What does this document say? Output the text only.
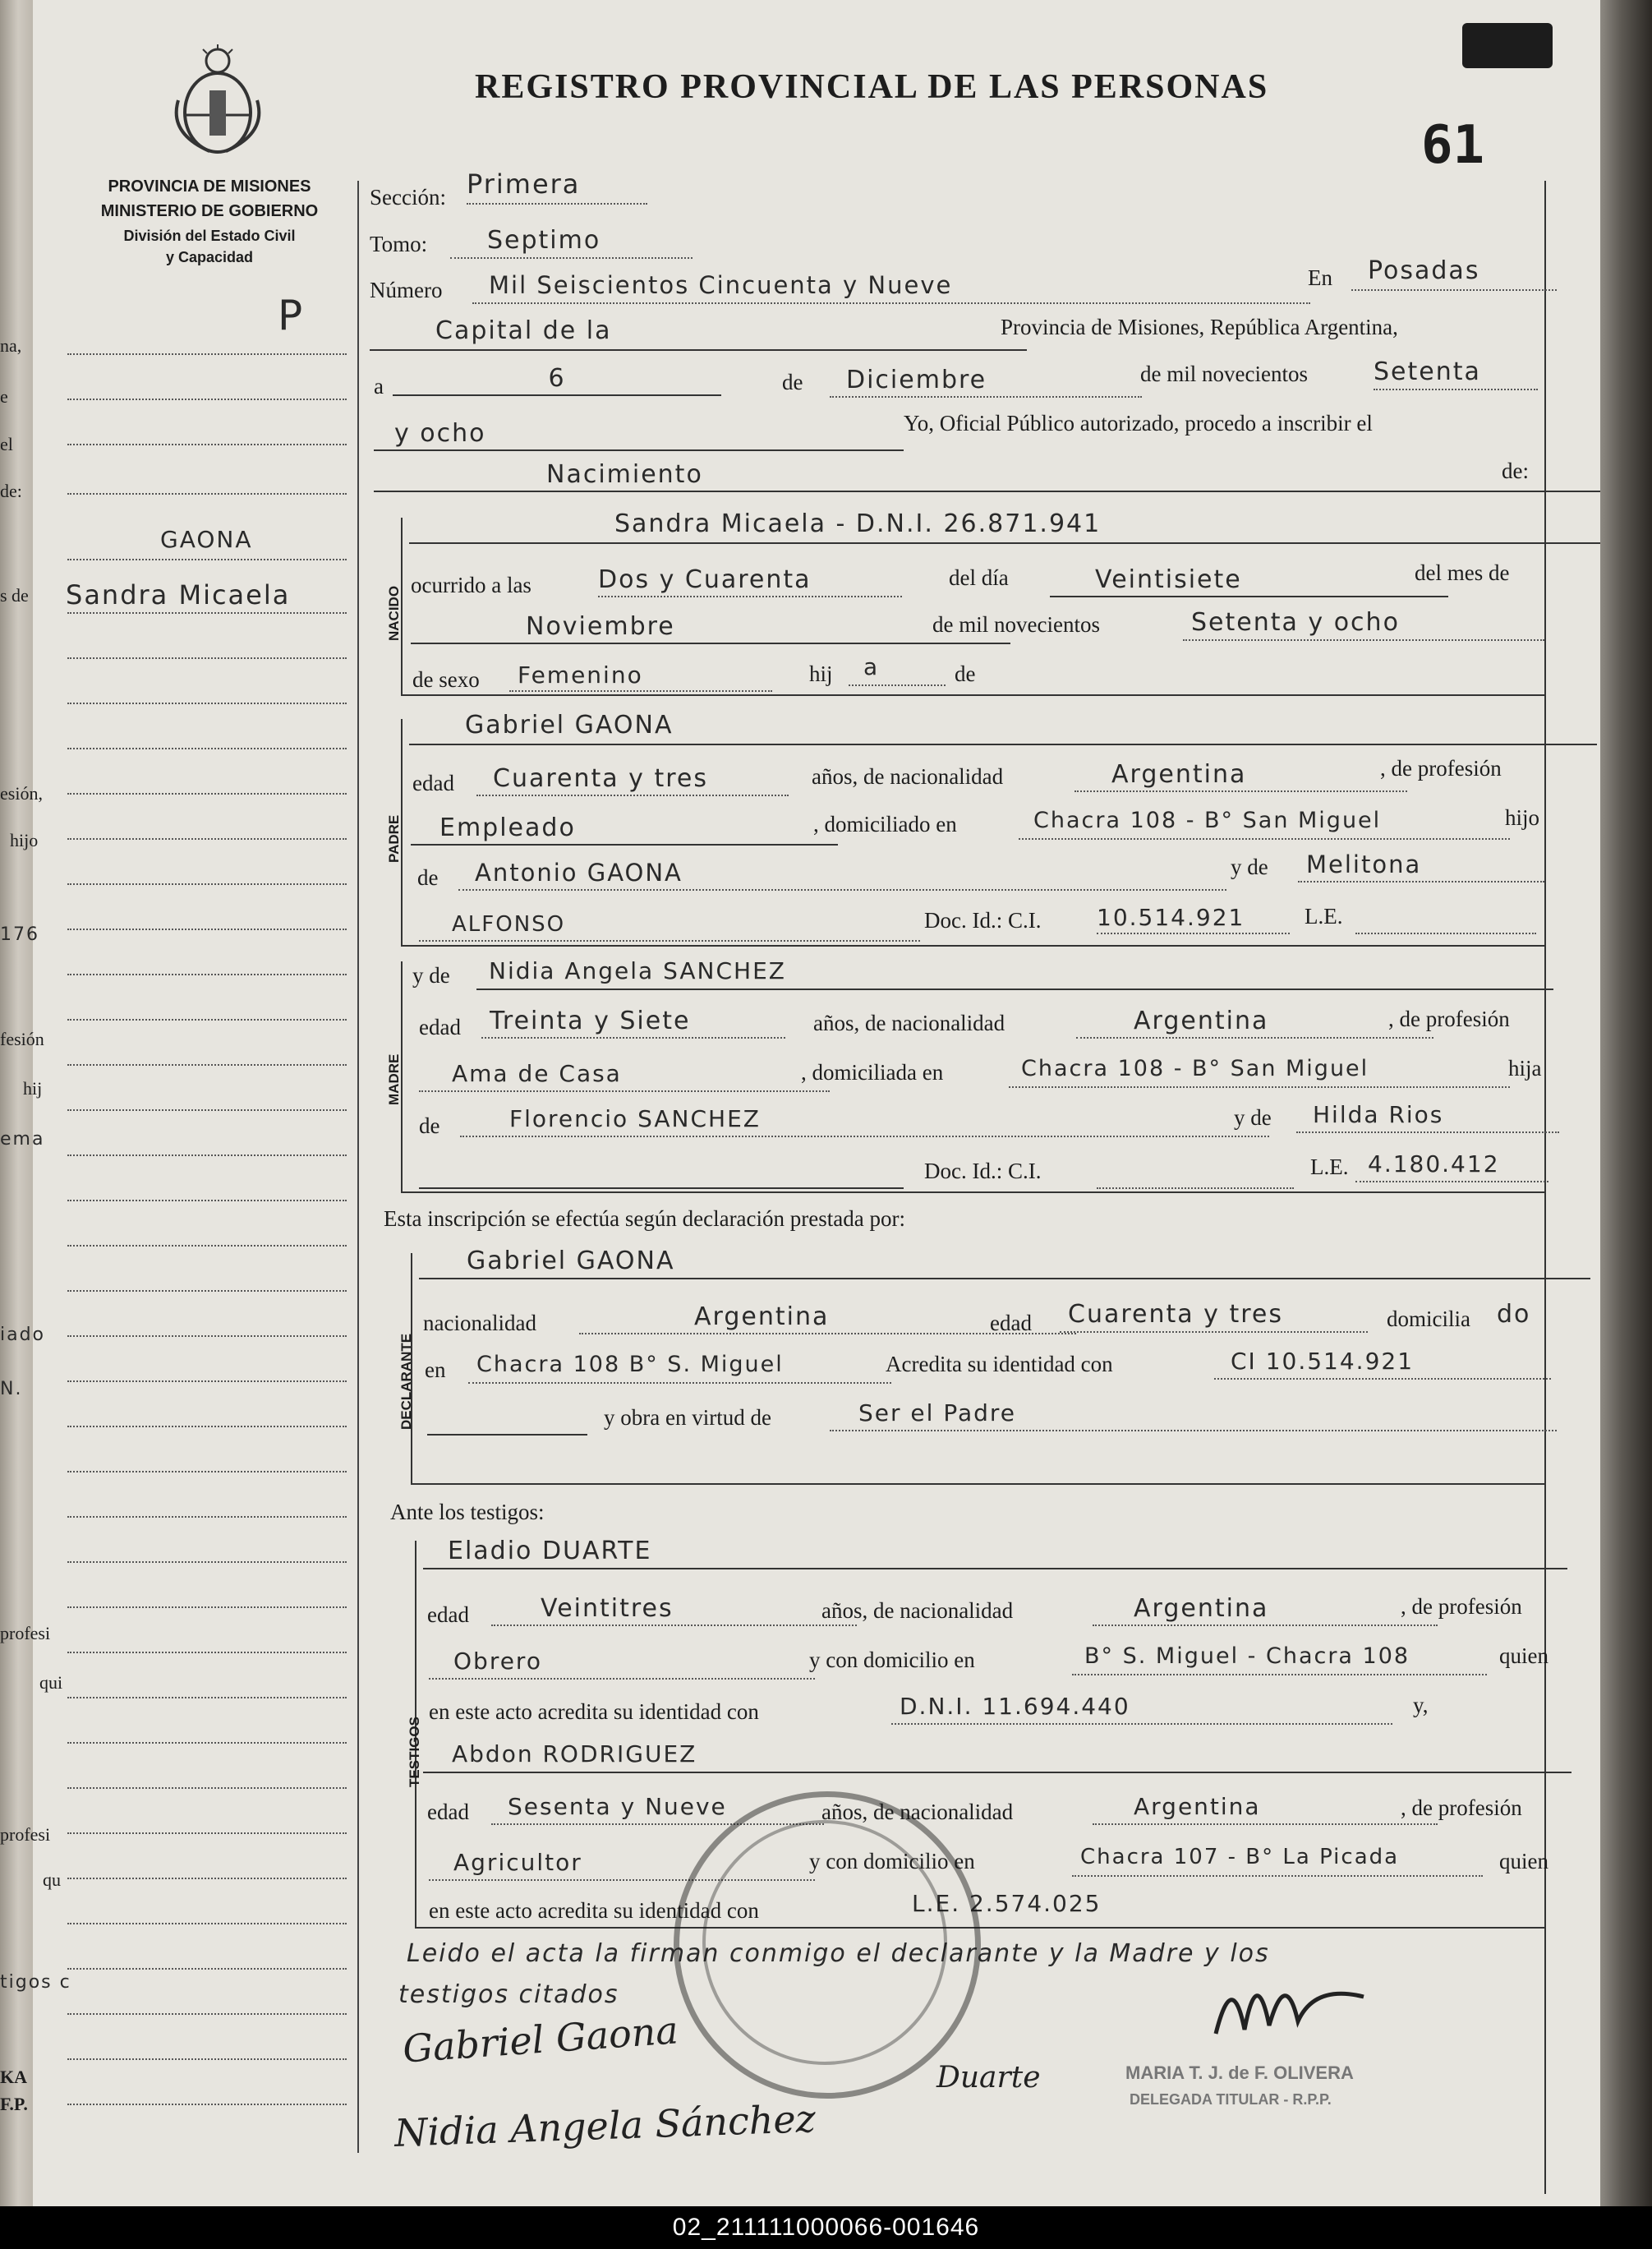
PROVINCIA DE MISIONES
MINISTERIO DE GOBIERNO
División del Estado Civil
y Capacidad
REGISTRO PROVINCIAL DE LAS PERSONAS
61
P
GAONA
Sandra Micaela
na,
e
el
de:
s de
esión,
hijo
176
fesión
hij
ema
iado
N.
profesi
qui
profesi
qu
tigos c
KA
F.P.
Sección: Primera
Tomo:	Septimo
Número	Mil Seiscientos Cincuenta y Nueve	En	Posadas
Capital de la	Provincia de Misiones, República Argentina,
a	6	de	Diciembre	de mil novecientos	Setenta
y ocho	Yo, Oficial Público autorizado, procedo a inscribir el
Nacimiento	de:
NACIDO
Sandra Micaela - D.N.I. 26.871.941
ocurrido a las	Dos y Cuarenta	del día	Veintisiete	del mes de
Noviembre	de mil novecientos	Setenta y ocho
de sexo	Femenino	hij	a	de
PADRE
Gabriel GAONA
edad	Cuarenta y tres	años, de nacionalidad	Argentina	, de profesión
Empleado	, domiciliado en	Chacra 108 - B° San Miguel	hijo
de	Antonio GAONA	y de	Melitona
ALFONSO	Doc. Id.: C.I. 10.514.921	L.E.
MADRE
y de	Nidia Angela SANCHEZ
edad	Treinta y Siete	años, de nacionalidad	Argentina	, de profesión
Ama de Casa	, domiciliada en	Chacra 108 - B° San Miguel	hija
de	Florencio SANCHEZ	y de	Hilda Rios
Doc. Id.: C.I.	L.E. 4.180.412
Esta inscripción se efectúa según declaración prestada por:
DECLARANTE
Gabriel GAONA
nacionalidad	Argentina	edad	Cuarenta y tres	domicilia do
en	Chacra 108 B° S. Miguel	Acredita su identidad con	CI 10.514.921
y obra en virtud de	Ser el Padre
Ante los testigos:
TESTIGOS
Eladio DUARTE
edad	Veintitres	años, de nacionalidad	Argentina	, de profesión
Obrero	y con domicilio en	B° S. Miguel - Chacra 108	quien
en este acto acredita su identidad con	D.N.I. 11.694.440	y,
Abdon RODRIGUEZ
edad	Sesenta y Nueve	años, de nacionalidad	Argentina	, de profesión
Agricultor	y con domicilio en	Chacra 107 - B° La Picada	quien
en este acto acredita su identidad con	L.E. 2.574.025
Leido el acta la firman conmigo el declarante y la Madre y los
testigos citados
Gabriel Gaona
Nidia Angela Sánchez
Duarte	MARIA T. J. de F. OLIVERA
DELEGADA TITULAR - R.P.P.
02_211111000066-001646
